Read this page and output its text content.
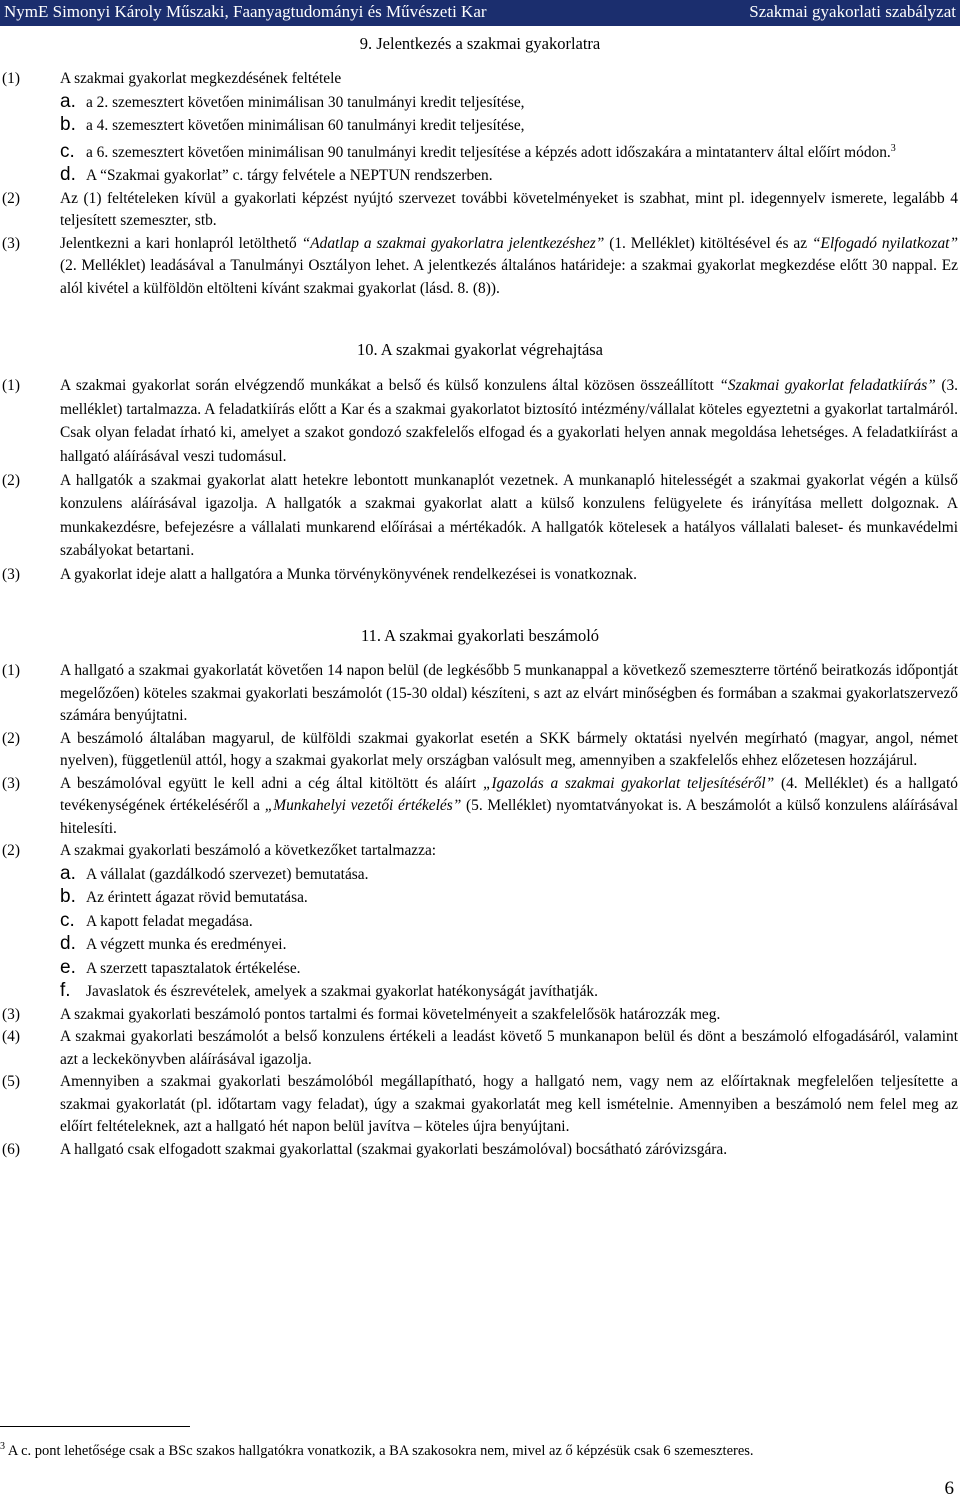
NymE Simonyi Károly Műszaki, Faanyagtudományi és Művészeti Kar	Szakmai gyakorlati szabályzat
9. Jelentkezés a szakmai gyakorlatra
(1)	A szakmai gyakorlat megkezdésének feltétele
a. a 2. szemesztert követően minimálisan 30 tanulmányi kredit teljesítése,
b. a 4. szemesztert követően minimálisan 60 tanulmányi kredit teljesítése,
c. a 6. szemesztert követően minimálisan 90 tanulmányi kredit teljesítése a képzés adott időszakára a mintatanterv által előírt módon.$^3$
d. A “Szakmai gyakorlat” c. tárgy felvétele a NEPTUN rendszerben.
(2)	Az (1) feltételeken kívül a gyakorlati képzést nyújtó szervezet további követelményeket is szabhat, mint pl. idegennyelv ismerete, legalább 4 teljesített szemeszter, stb.
(3)	Jelentkezni a kari honlapról letölthető “Adatlap a szakmai gyakorlatra jelentkezéshez” (1. Melléklet) kitöltésével és az “Elfogadó nyilatkozat” (2. Melléklet) leadásával a Tanulmányi Osztályon lehet. A jelentkezés általános határideje: a szakmai gyakorlat megkezdése előtt 30 nappal. Ez alól kivétel a külföldön eltölteni kívánt szakmai gyakorlat (lásd. 8. (8)).
10. A szakmai gyakorlat végrehajtása
(1)	A szakmai gyakorlat során elvégzendő munkákat a belső és külső konzulens által közösen összeállított “Szakmai gyakorlat feladatkiírás” (3. melléklet) tartalmazza. A feladatkiírás előtt a Kar és a szakmai gyakorlatot biztosító intézmény/vállalat köteles egyeztetni a gyakorlat tartalmáról. Csak olyan feladat írható ki, amelyet a szakot gondozó szakfelelős elfogad és a gyakorlati helyen annak megoldása lehetséges. A feladatkiírást a hallgató aláírásával veszi tudomásul.
(2)	A hallgatók a szakmai gyakorlat alatt hetekre lebontott munkanaplót vezetnek. A munkanapló hitelességét a szakmai gyakorlat végén a külső konzulens aláírásával igazolja. A hallgatók a szakmai gyakorlat alatt a külső konzulens felügyelete és irányítása mellett dolgoznak. A munkakezdésre, befejezésre a vállalati munkarend előírásai a mértékadók. A hallgatók kötelesek a hatályos vállalati baleset- és munkavédelmi szabályokat betartani.
(3)	A gyakorlat ideje alatt a hallgatóra a Munka törvénykönyvének rendelkezései is vonatkoznak.
11. A szakmai gyakorlati beszámoló
(1)	A hallgató a szakmai gyakorlatát követően 14 napon belül (de legkésőbb 5 munkanappal a következő szemeszterre történő beiratkozás időpontját megelőzően) köteles szakmai gyakorlati beszámolót (15-30 oldal) készíteni, s azt az elvárt minőségben és formában a szakmai gyakorlatszervező számára benyújtatni.
(2)	A beszámoló általában magyarul, de külföldi szakmai gyakorlat esetén a SKK bármely oktatási nyelvén megírható (magyar, angol, német nyelven), függetlenül attól, hogy a szakmai gyakorlat mely országban valósult meg, amennyiben a szakfelelős ehhez előzetesen hozzájárul.
(3)	A beszámolóval együtt le kell adni a cég által kitöltött és aláírt „Igazolás a szakmai gyakorlat teljesítéséről” (4. Melléklet) és a hallgató tevékenységének értékeléséről a „Munkahelyi vezetői értékelés” (5. Melléklet) nyomtatványokat is. A beszámolót a külső konzulens aláírásával hitelesíti.
(2)	A szakmai gyakorlati beszámoló a következőket tartalmazza:
a. A vállalat (gazdálkodó szervezet) bemutatása.
b. Az érintett ágazat rövid bemutatása.
c. A kapott feladat megadása.
d. A végzett munka és eredményei.
e. A szerzett tapasztalatok értékelése.
f.	Javaslatok és észrevételek, amelyek a szakmai gyakorlat hatékonyságát javíthatják.
(3)	A szakmai gyakorlati beszámoló pontos tartalmi és formai követelményeit a szakfelelősök határozzák meg.
(4)	A szakmai gyakorlati beszámolót a belső konzulens értékeli a leadást követő 5 munkanapon belül és dönt a beszámoló elfogadásáról, valamint azt a leckekönyvben aláírásával igazolja.
(5)	Amennyiben a szakmai gyakorlati beszámolóból megállapítható, hogy a hallgató nem, vagy nem az előírtaknak megfelelően teljesítette a szakmai gyakorlatát (pl. időtartam vagy feladat), úgy a szakmai gyakorlatát meg kell ismételnie. Amennyiben a beszámoló nem felel meg az előírt feltételeknek, azt a hallgató hét napon belül javítva – köteles újra benyújtani.
(6)	A hallgató csak elfogadott szakmai gyakorlattal (szakmai gyakorlati beszámolóval) bocsátható záróvizsgára.
$^3$ A c. pont lehetősége csak a BSc szakos hallgatókra vonatkozik, a BA szakosokra nem, mivel az ő képzésük csak 6 szemeszteres.
6
